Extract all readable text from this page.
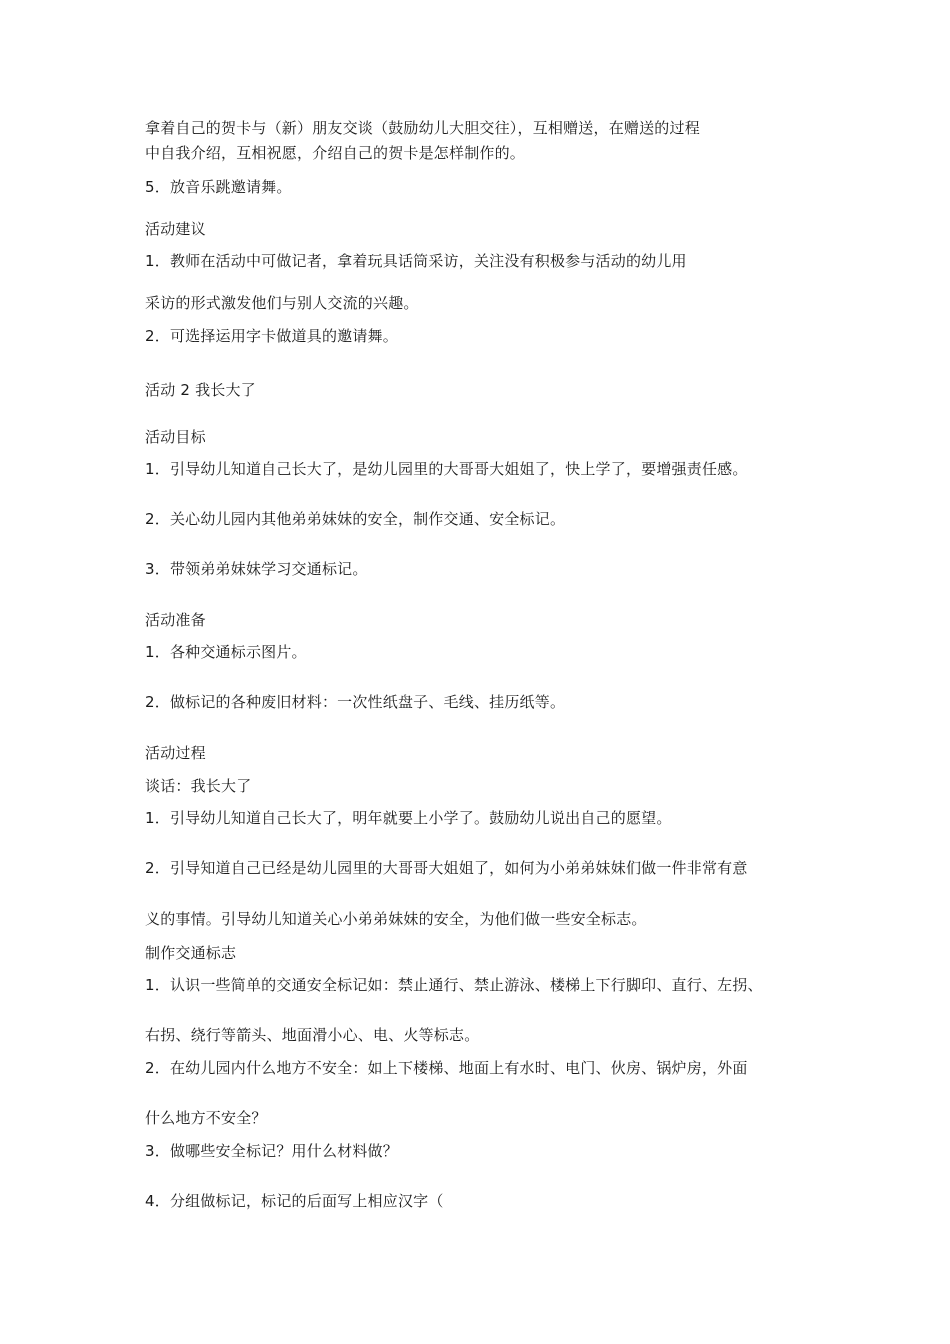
拿着自己的贺卡与（新）朋友交谈（鼓励幼儿大胆交往），互相赠送，在赠送的过程

中自我介绍，互相祝愿，介绍自己的贺卡是怎样制作的。

5．放音乐跳邀请舞。

活动建议

1．教师在活动中可做记者，拿着玩具话筒采访，关注没有积极参与活动的幼儿用

采访的形式激发他们与别人交流的兴趣。

2．可选择运用字卡做道具的邀请舞。

活动 2 我长大了

活动目标

1．引导幼儿知道自己长大了，是幼儿园里的大哥哥大姐姐了，快上学了，要增强责任感。

2．关心幼儿园内其他弟弟妹妹的安全，制作交通、安全标记。

3．带领弟弟妹妹学习交通标记。

活动准备

1．各种交通标示图片。

2．做标记的各种废旧材料：一次性纸盘子、毛线、挂历纸等。

活动过程

谈话：我长大了

1．引导幼儿知道自己长大了，明年就要上小学了。鼓励幼儿说出自己的愿望。

2．引导知道自己已经是幼儿园里的大哥哥大姐姐了，如何为小弟弟妹妹们做一件非常有意

义的事情。引导幼儿知道关心小弟弟妹妹的安全，为他们做一些安全标志。

制作交通标志

1．认识一些简单的交通安全标记如：禁止通行、禁止游泳、楼梯上下行脚印、直行、左拐、

右拐、绕行等箭头、地面滑小心、电、火等标志。

2．在幼儿园内什么地方不安全：如上下楼梯、地面上有水时、电门、伙房、锅炉房，外面

什么地方不安全？

3．做哪些安全标记？用什么材料做？

4．分组做标记，标记的后面写上相应汉字（
